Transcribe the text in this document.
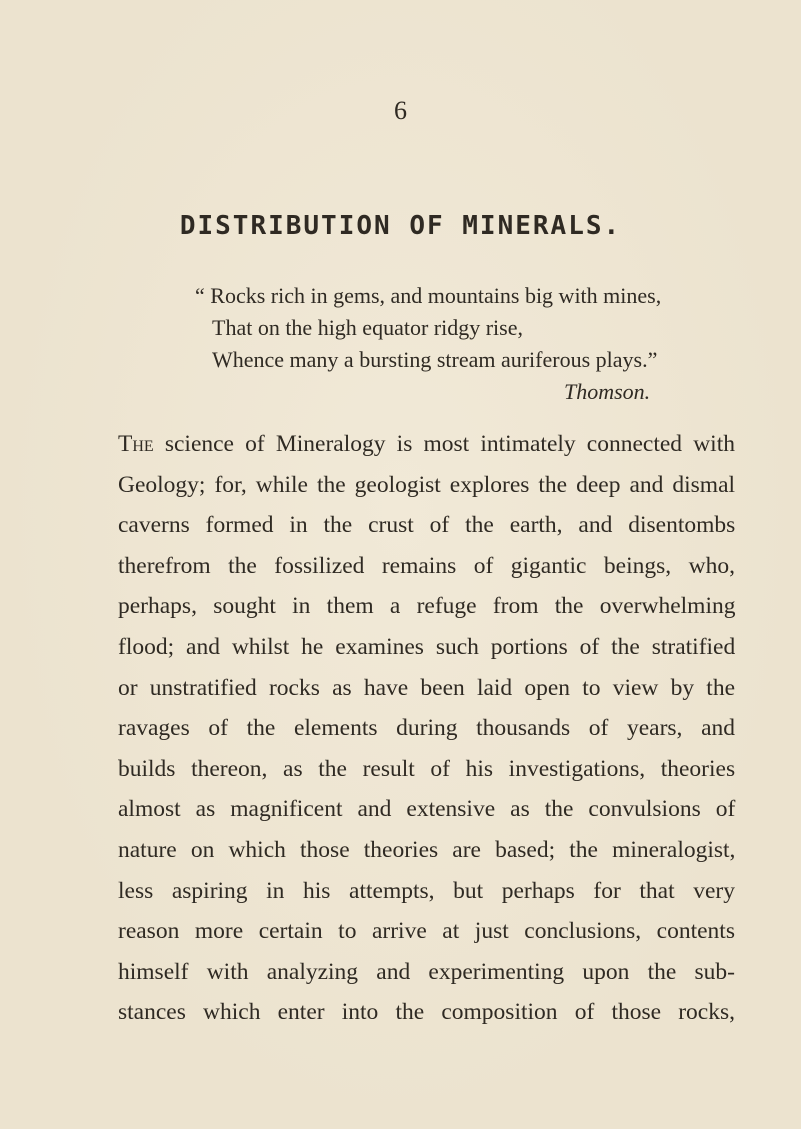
6
DISTRIBUTION OF MINERALS.
“ Rocks rich in gems, and mountains big with mines,
That on the high equator ridgy rise,
Whence many a bursting stream auriferous plays.”
Thomson.
The science of Mineralogy is most intimately connected with
Geology; for, while the geologist explores the deep and dismal
caverns formed in the crust of the earth, and disentombs
therefrom the fossilized remains of gigantic beings, who,
perhaps, sought in them a refuge from the overwhelming
flood; and whilst he examines such portions of the stratified
or unstratified rocks as have been laid open to view by the
ravages of the elements during thousands of years, and
builds thereon, as the result of his investigations, theories
almost as magnificent and extensive as the convulsions of
nature on which those theories are based; the mineralogist,
less aspiring in his attempts, but perhaps for that very
reason more certain to arrive at just conclusions, contents
himself with analyzing and experimenting upon the sub-
stances which enter into the composition of those rocks,
